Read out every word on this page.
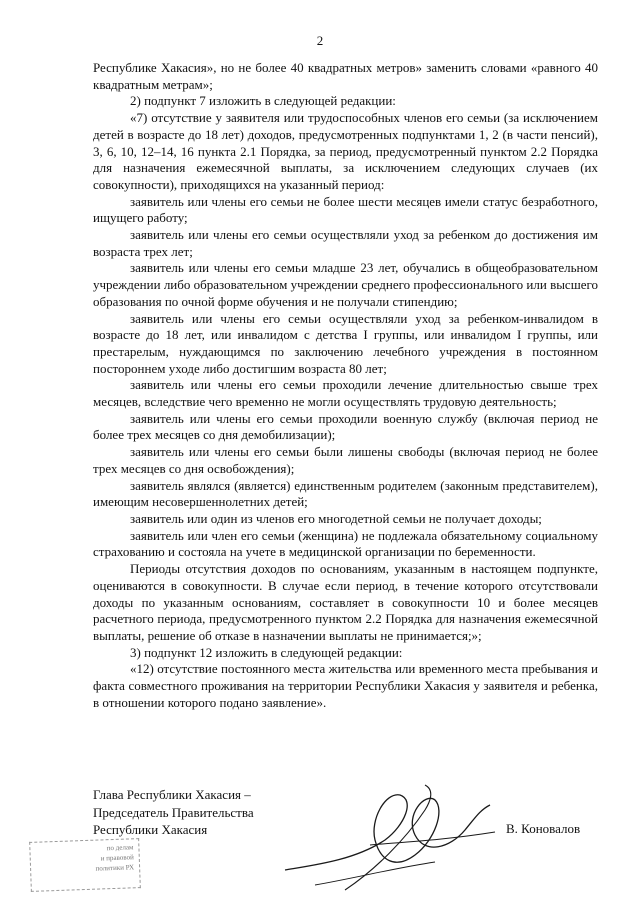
2

Республике Хакасия», но не более 40 квадратных метров» заменить словами «равного 40 квадратным метрам»;

2) подпункт 7 изложить в следующей редакции:

«7) отсутствие у заявителя или трудоспособных членов его семьи (за исключением детей в возрасте до 18 лет) доходов, предусмотренных подпунктами 1, 2 (в части пенсий), 3, 6, 10, 12–14, 16 пункта 2.1 Порядка, за период, предусмотренный пунктом 2.2 Порядка для назначения ежемесячной выплаты, за исключением следующих случаев (их совокупности), приходящихся на указанный период:

заявитель или члены его семьи не более шести месяцев имели статус безработного, ищущего работу;

заявитель или члены его семьи осуществляли уход за ребенком до достижения им возраста трех лет;

заявитель или члены его семьи младше 23 лет, обучались в общеобразовательном учреждении либо образовательном учреждении среднего профессионального или высшего образования по очной форме обучения и не получали стипендию;

заявитель или члены его семьи осуществляли уход за ребенком-инвалидом в возрасте до 18 лет, или инвалидом с детства I группы, или инвалидом I группы, или престарелым, нуждающимся по заключению лечебного учреждения в постоянном постороннем уходе либо достигшим возраста 80 лет;

заявитель или члены его семьи проходили лечение длительностью свыше трех месяцев, вследствие чего временно не могли осуществлять трудовую деятельность;

заявитель или члены его семьи проходили военную службу (включая период не более трех месяцев со дня демобилизации);

заявитель или члены его семьи были лишены свободы (включая период не более трех месяцев со дня освобождения);

заявитель являлся (является) единственным родителем (законным представителем), имеющим несовершеннолетних детей;

заявитель или один из членов его многодетной семьи не получает доходы;

заявитель или член его семьи (женщина) не подлежала обязательному социальному страхованию и состояла на учете в медицинской организации по беременности.

Периоды отсутствия доходов по основаниям, указанным в настоящем подпункте, оцениваются в совокупности. В случае если период, в течение которого отсутствовали доходы по указанным основаниям, составляет в совокупности 10 и более месяцев расчетного периода, предусмотренного пунктом 2.2 Порядка для назначения ежемесячной выплаты, решение об отказе в назначении выплаты не принимается;»;

3) подпункт 12 изложить в следующей редакции:

«12) отсутствие постоянного места жительства или временного места пребывания и факта совместного проживания на территории Республики Хакасия у заявителя и ребенка, в отношении которого подано заявление».

Глава Республики Хакасия –
Председатель Правительства
Республики Хакасия	В. Коновалов
по делам
и правовой
политики РХ
